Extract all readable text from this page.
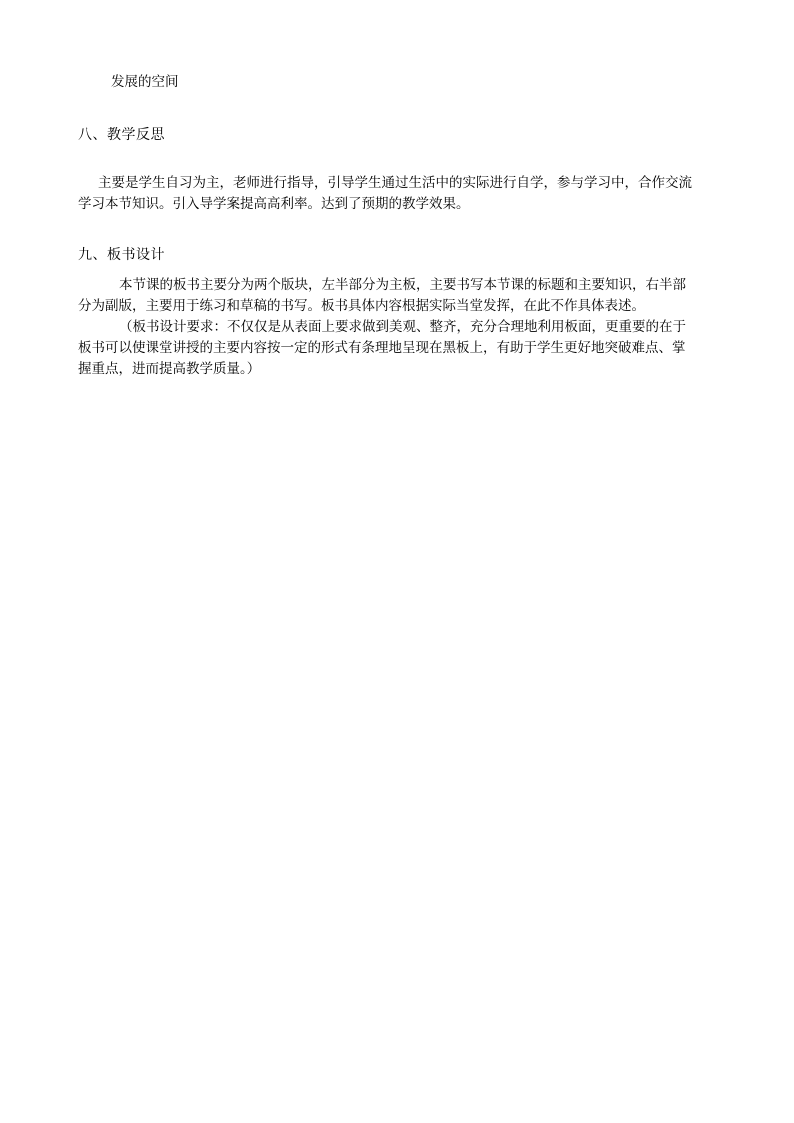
发展的空间
八、教学反思
主要是学生自习为主，老师进行指导，引导学生通过生活中的实际进行自学，参与学习中，合作交流
学习本节知识。引入导学案提高高利率。达到了预期的教学效果。
九、板书设计
本节课的板书主要分为两个版块，左半部分为主板，主要书写本节课的标题和主要知识，右半部
分为副版，主要用于练习和草稿的书写。板书具体内容根据实际当堂发挥，在此不作具体表述。
（板书设计要求：不仅仅是从表面上要求做到美观、整齐，充分合理地利用板面，更重要的在于
板书可以使课堂讲授的主要内容按一定的形式有条理地呈现在黑板上，有助于学生更好地突破难点、掌
握重点，进而提高教学质量。）
